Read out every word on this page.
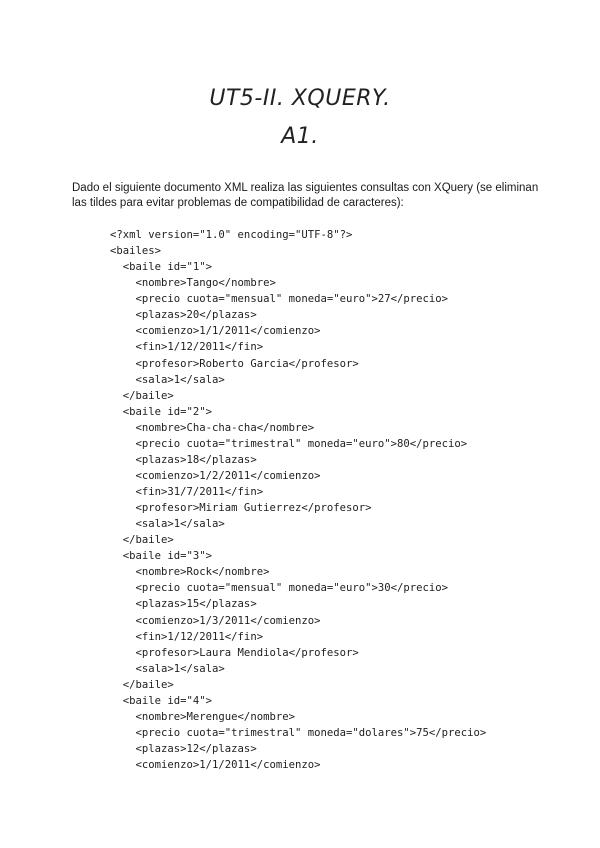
UT5-II. XQUERY.
A1.
Dado el siguiente documento XML realiza las siguientes consultas con XQuery (se eliminan las tildes para evitar problemas de compatibilidad de caracteres):
<?xml version="1.0" encoding="UTF-8"?>
<bailes>
<baile id="1">
<nombre>Tango</nombre>
<precio cuota="mensual" moneda="euro">27</precio>
<plazas>20</plazas>
<comienzo>1/1/2011</comienzo>
<fin>1/12/2011</fin>
<profesor>Roberto Garcia</profesor>
<sala>1</sala>
</baile>
<baile id="2">
<nombre>Cha-cha-cha</nombre>
<precio cuota="trimestral" moneda="euro">80</precio>
<plazas>18</plazas>
<comienzo>1/2/2011</comienzo>
<fin>31/7/2011</fin>
<profesor>Miriam Gutierrez</profesor>
<sala>1</sala>
</baile>
<baile id="3">
<nombre>Rock</nombre>
<precio cuota="mensual" moneda="euro">30</precio>
<plazas>15</plazas>
<comienzo>1/3/2011</comienzo>
<fin>1/12/2011</fin>
<profesor>Laura Mendiola</profesor>
<sala>1</sala>
</baile>
<baile id="4">
<nombre>Merengue</nombre>
<precio cuota="trimestral" moneda="dolares">75</precio>
<plazas>12</plazas>
<comienzo>1/1/2011</comienzo>
